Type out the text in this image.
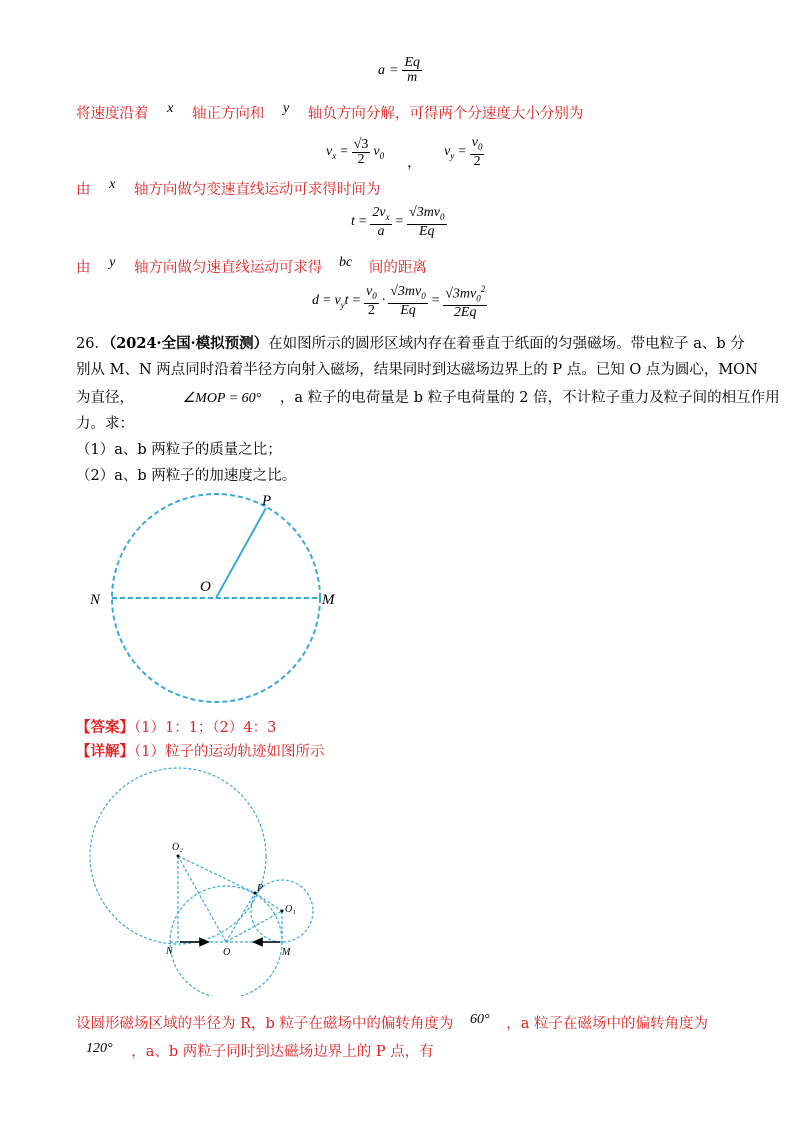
$a = \frac{Eq}{m}$
将速度沿着 x 轴正方向和 y 轴负方向分解，可得两个分速度大小分别为
$v_x = \frac{√3}{2} v_0$
，
$v_y = \frac{v_0}{2}$
由 x 轴方向做匀变速直线运动可求得时间为
$t = \frac{2v_x}{a} = \frac{√3mv_0}{Eq}$
由 y 轴方向做匀速直线运动可求得 bc 间的距离
$d = v_yt = \frac{v_0}{2} \cdot \frac{√3mv_0}{Eq} = \frac{√3mv_0^2}{2Eq}$
26．（2024·全国·模拟预测）在如图所示的圆形区域内存在着垂直于纸面的匀强磁场。带电粒子 a、b 分
别从 M、N 两点同时沿着半径方向射入磁场，结果同时到达磁场边界上的 P 点。已知 O 点为圆心，MON
为直径，	∠MOP = 60° ，a 粒子的电荷量是 b 粒子电荷量的 2 倍，不计粒子重力及粒子间的相互作用
力。求：
（1）a、b 两粒子的质量之比；
（2）a、b 两粒子的加速度之比。
P
O
N	M
【答案】（1）1：1；（2）4：3
【详解】（1）粒子的运动轨迹如图所示
O₂
O₁
P
N	O	M
设圆形磁场区域的半径为 R，b 粒子在磁场中的偏转角度为 60° ，a 粒子在磁场中的偏转角度为
120° ，a、b 两粒子同时到达磁场边界上的 P 点，有
